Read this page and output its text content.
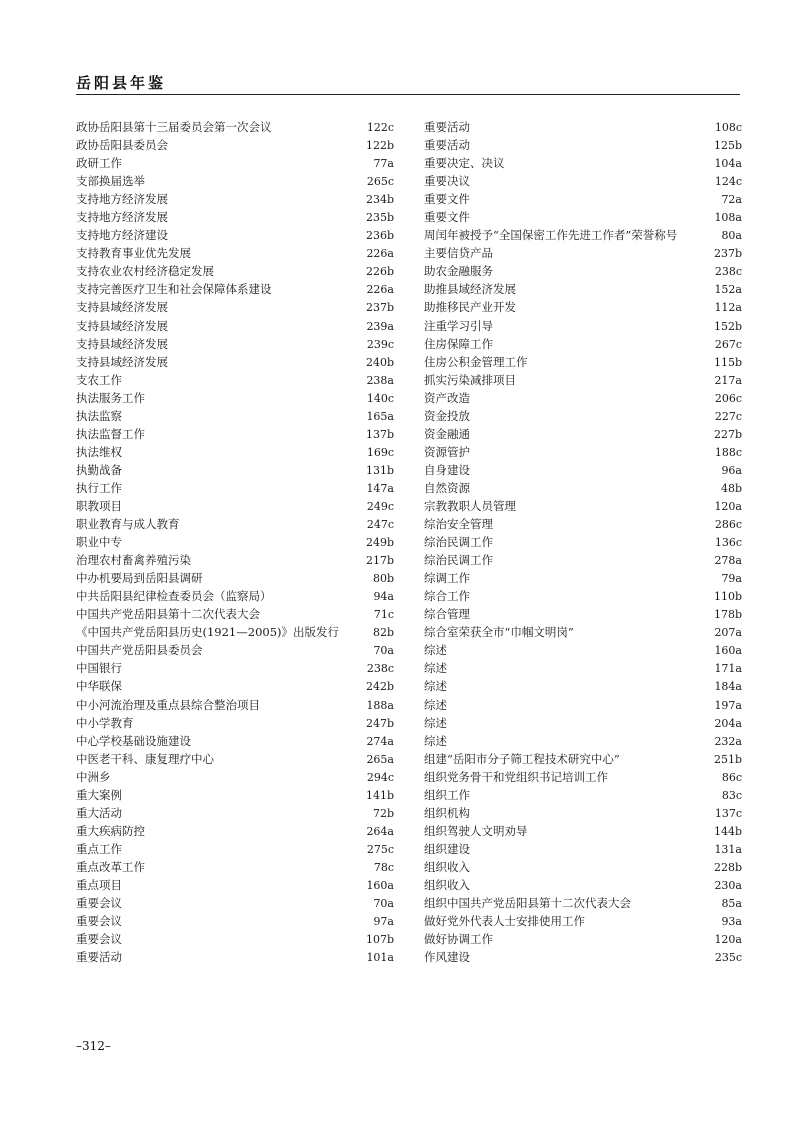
岳阳县年鉴
政协岳阳县第十三届委员会第一次会议	122c
政协岳阳县委员会	122b
政研工作	77a
支部换届选举	265c
支持地方经济发展	234b
支持地方经济发展	235b
支持地方经济建设	236b
支持教育事业优先发展	226a
支持农业农村经济稳定发展	226b
支持完善医疗卫生和社会保障体系建设	226a
支持县域经济发展	237b
支持县域经济发展	239a
支持县域经济发展	239c
支持县域经济发展	240b
支农工作	238a
执法服务工作	140c
执法监察	165a
执法监督工作	137b
执法维权	169c
执勤战备	131b
执行工作	147a
职教项目	249c
职业教育与成人教育	247c
职业中专	249b
治理农村畜禽养殖污染	217b
中办机要局到岳阳县调研	80b
中共岳阳县纪律检查委员会（监察局）	94a
中国共产党岳阳县第十二次代表大会	71c
《中国共产党岳阳县历史(1921—2005)》出版发行	82b
中国共产党岳阳县委员会	70a
中国银行	238c
中华联保	242b
中小河流治理及重点县综合整治项目	188a
中小学教育	247b
中心学校基础设施建设	274a
中医老干科、康复理疗中心	265a
中洲乡	294c
重大案例	141b
重大活动	72b
重大疾病防控	264a
重点工作	275c
重点改革工作	78c
重点项目	160a
重要会议	70a
重要会议	97a
重要会议	107b
重要活动	101a
重要活动	108c
重要活动	125b
重要决定、决议	104a
重要决议	124c
重要文件	72a
重要文件	108a
周闰年被授予“全国保密工作先进工作者”荣誉称号	80a
主要信贷产品	237b
助农金融服务	238c
助推县域经济发展	152a
助推移民产业开发	112a
注重学习引导	152b
住房保障工作	267c
住房公积金管理工作	115b
抓实污染减排项目	217a
资产改造	206c
资金投放	227c
资金融通	227b
资源管护	188c
自身建设	96a
自然资源	48b
宗教教职人员管理	120a
综治安全管理	286c
综治民调工作	136c
综治民调工作	278a
综调工作	79a
综合工作	110b
综合管理	178b
综合室荣获全市“巾帼文明岗”	207a
综述	160a
综述	171a
综述	184a
综述	197a
综述	204a
综述	232a
组建“岳阳市分子筛工程技术研究中心”	251b
组织党务骨干和党组织书记培训工作	86c
组织工作	83c
组织机构	137c
组织驾驶人文明劝导	144b
组织建设	131a
组织收入	228b
组织收入	230a
组织中国共产党岳阳县第十二次代表大会	85a
做好党外代表人士安排使用工作	93a
做好协调工作	120a
作风建设	235c
–312–
